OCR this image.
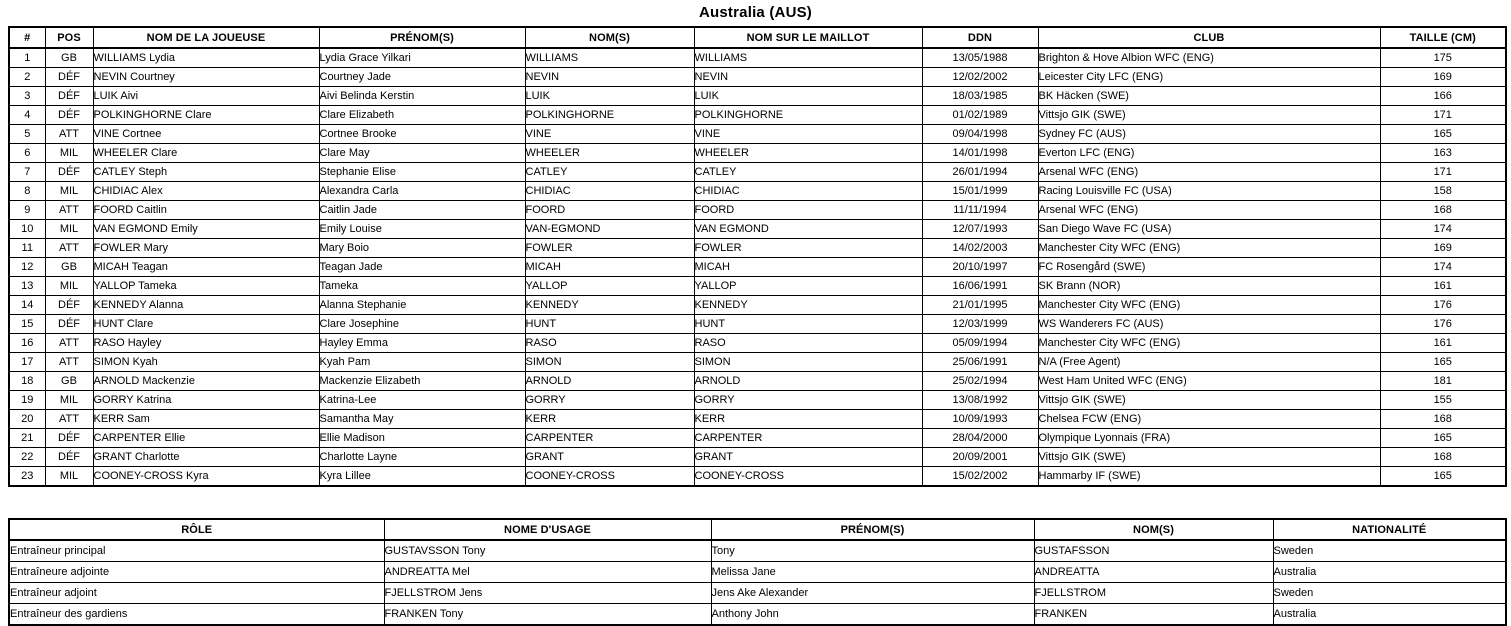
Australia (AUS)
#	POS	NOM DE LA JOUEUSE	PRÉNOM(S)	NOM(S)	NOM SUR LE MAILLOT	DDN	CLUB	TAILLE (CM)
1	GB	WILLIAMS Lydia	Lydia Grace Yilkari	WILLIAMS	WILLIAMS	13/05/1988	Brighton & Hove Albion WFC (ENG)	175
2	DÉF	NEVIN Courtney	Courtney Jade	NEVIN	NEVIN	12/02/2002	Leicester City LFC (ENG)	169
3	DÉF	LUIK Aivi	Aivi Belinda Kerstin	LUIK	LUIK	18/03/1985	BK Häcken (SWE)	166
4	DÉF	POLKINGHORNE Clare	Clare Elizabeth	POLKINGHORNE	POLKINGHORNE	01/02/1989	Vittsjo GIK (SWE)	171
5	ATT	VINE Cortnee	Cortnee Brooke	VINE	VINE	09/04/1998	Sydney FC (AUS)	165
6	MIL	WHEELER Clare	Clare May	WHEELER	WHEELER	14/01/1998	Everton LFC (ENG)	163
7	DÉF	CATLEY Steph	Stephanie Elise	CATLEY	CATLEY	26/01/1994	Arsenal WFC (ENG)	171
8	MIL	CHIDIAC Alex	Alexandra Carla	CHIDIAC	CHIDIAC	15/01/1999	Racing Louisville FC (USA)	158
9	ATT	FOORD Caitlin	Caitlin Jade	FOORD	FOORD	11/11/1994	Arsenal WFC (ENG)	168
10	MIL	VAN EGMOND Emily	Emily Louise	VAN-EGMOND	VAN EGMOND	12/07/1993	San Diego Wave FC (USA)	174
11	ATT	FOWLER Mary	Mary Boio	FOWLER	FOWLER	14/02/2003	Manchester City WFC (ENG)	169
12	GB	MICAH Teagan	Teagan Jade	MICAH	MICAH	20/10/1997	FC Rosengård (SWE)	174
13	MIL	YALLOP Tameka	Tameka	YALLOP	YALLOP	16/06/1991	SK Brann (NOR)	161
14	DÉF	KENNEDY Alanna	Alanna Stephanie	KENNEDY	KENNEDY	21/01/1995	Manchester City WFC (ENG)	176
15	DÉF	HUNT Clare	Clare Josephine	HUNT	HUNT	12/03/1999	WS Wanderers FC (AUS)	176
16	ATT	RASO Hayley	Hayley Emma	RASO	RASO	05/09/1994	Manchester City WFC (ENG)	161
17	ATT	SIMON Kyah	Kyah Pam	SIMON	SIMON	25/06/1991	N/A (Free Agent)	165
18	GB	ARNOLD Mackenzie	Mackenzie Elizabeth	ARNOLD	ARNOLD	25/02/1994	West Ham United WFC (ENG)	181
19	MIL	GORRY Katrina	Katrina-Lee	GORRY	GORRY	13/08/1992	Vittsjo GIK (SWE)	155
20	ATT	KERR Sam	Samantha May	KERR	KERR	10/09/1993	Chelsea FCW (ENG)	168
21	DÉF	CARPENTER Ellie	Ellie Madison	CARPENTER	CARPENTER	28/04/2000	Olympique Lyonnais (FRA)	165
22	DÉF	GRANT Charlotte	Charlotte Layne	GRANT	GRANT	20/09/2001	Vittsjo GIK (SWE)	168
23	MIL	COONEY-CROSS Kyra	Kyra Lillee	COONEY-CROSS	COONEY-CROSS	15/02/2002	Hammarby IF (SWE)	165
RÔLE	NOME D'USAGE	PRÉNOM(S)	NOM(S)	NATIONALITÉ
Entraîneur principal	GUSTAVSSON Tony	Tony	GUSTAFSSON	Sweden
Entraîneure adjointe	ANDREATTA Mel	Melissa Jane	ANDREATTA	Australia
Entraîneur adjoint	FJELLSTROM Jens	Jens Ake Alexander	FJELLSTROM	Sweden
Entraîneur des gardiens	FRANKEN Tony	Anthony John	FRANKEN	Australia
